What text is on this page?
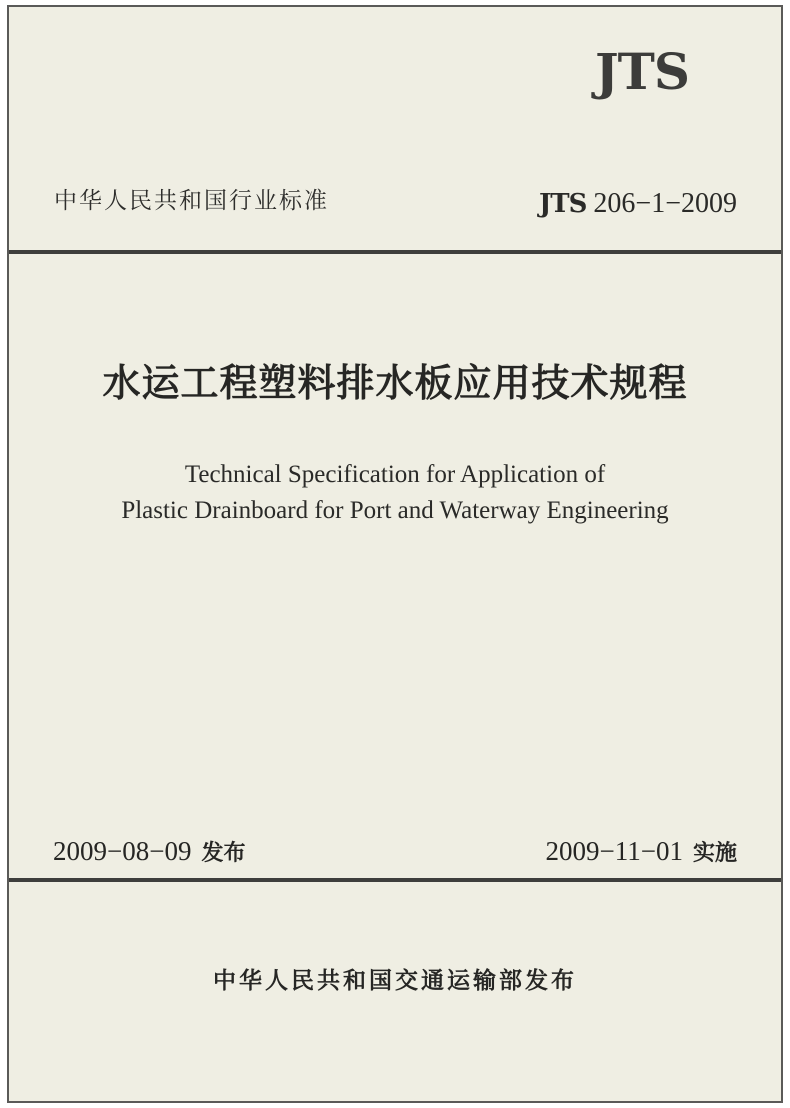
JTS
中华人民共和国行业标准	JTS 206−1−2009
水运工程塑料排水板应用技术规程
Technical Specification for Application of
Plastic Drainboard for Port and Waterway Engineering
2009−08−09 发布	2009−11−01 实施
中华人民共和国交通运输部发布
